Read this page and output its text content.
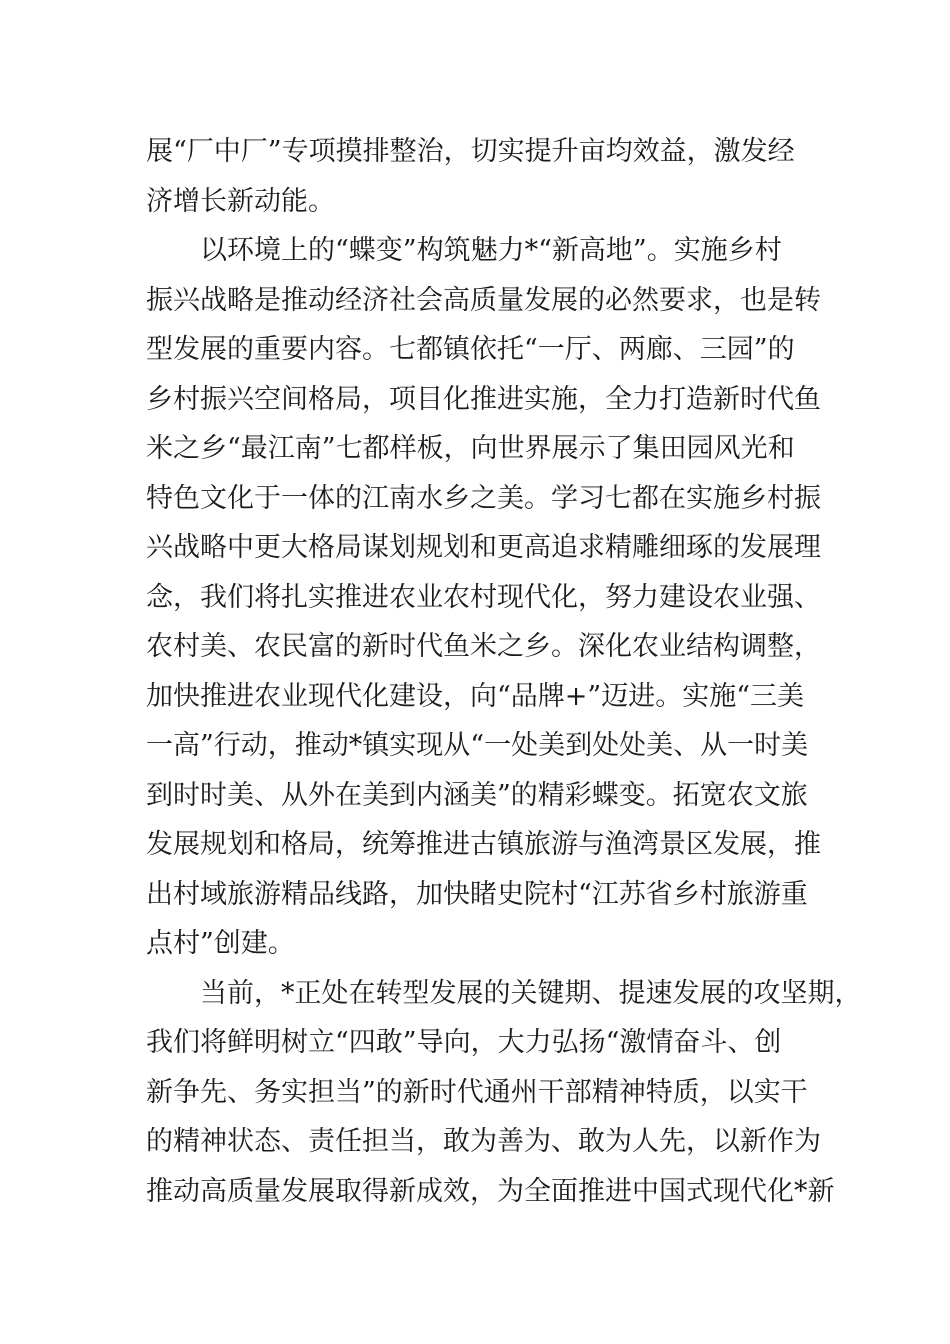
展“厂中厂”专项摸排整治，切实提升亩均效益，激发经
济增长新动能。
以环境上的“蝶变”构筑魅力*“新高地”。实施乡村
振兴战略是推动经济社会高质量发展的必然要求，也是转
型发展的重要内容。七都镇依托“一厅、两廊、三园”的
乡村振兴空间格局，项目化推进实施，全力打造新时代鱼
米之乡“最江南”七都样板，向世界展示了集田园风光和
特色文化于一体的江南水乡之美。学习七都在实施乡村振
兴战略中更大格局谋划规划和更高追求精雕细琢的发展理
念，我们将扎实推进农业农村现代化，努力建设农业强、
农村美、农民富的新时代鱼米之乡。深化农业结构调整，
加快推进农业现代化建设，向“品牌+”迈进。实施“三美
一高”行动，推动*镇实现从“一处美到处处美、从一时美
到时时美、从外在美到内涵美”的精彩蝶变。拓宽农文旅
发展规划和格局，统筹推进古镇旅游与渔湾景区发展，推
出村域旅游精品线路，加快睹史院村“江苏省乡村旅游重
点村”创建。
当前，*正处在转型发展的关键期、提速发展的攻坚期，
我们将鲜明树立“四敢”导向，大力弘扬“激情奋斗、创
新争先、务实担当”的新时代通州干部精神特质，以实干
的精神状态、责任担当，敢为善为、敢为人先，以新作为
推动高质量发展取得新成效，为全面推进中国式现代化*新
